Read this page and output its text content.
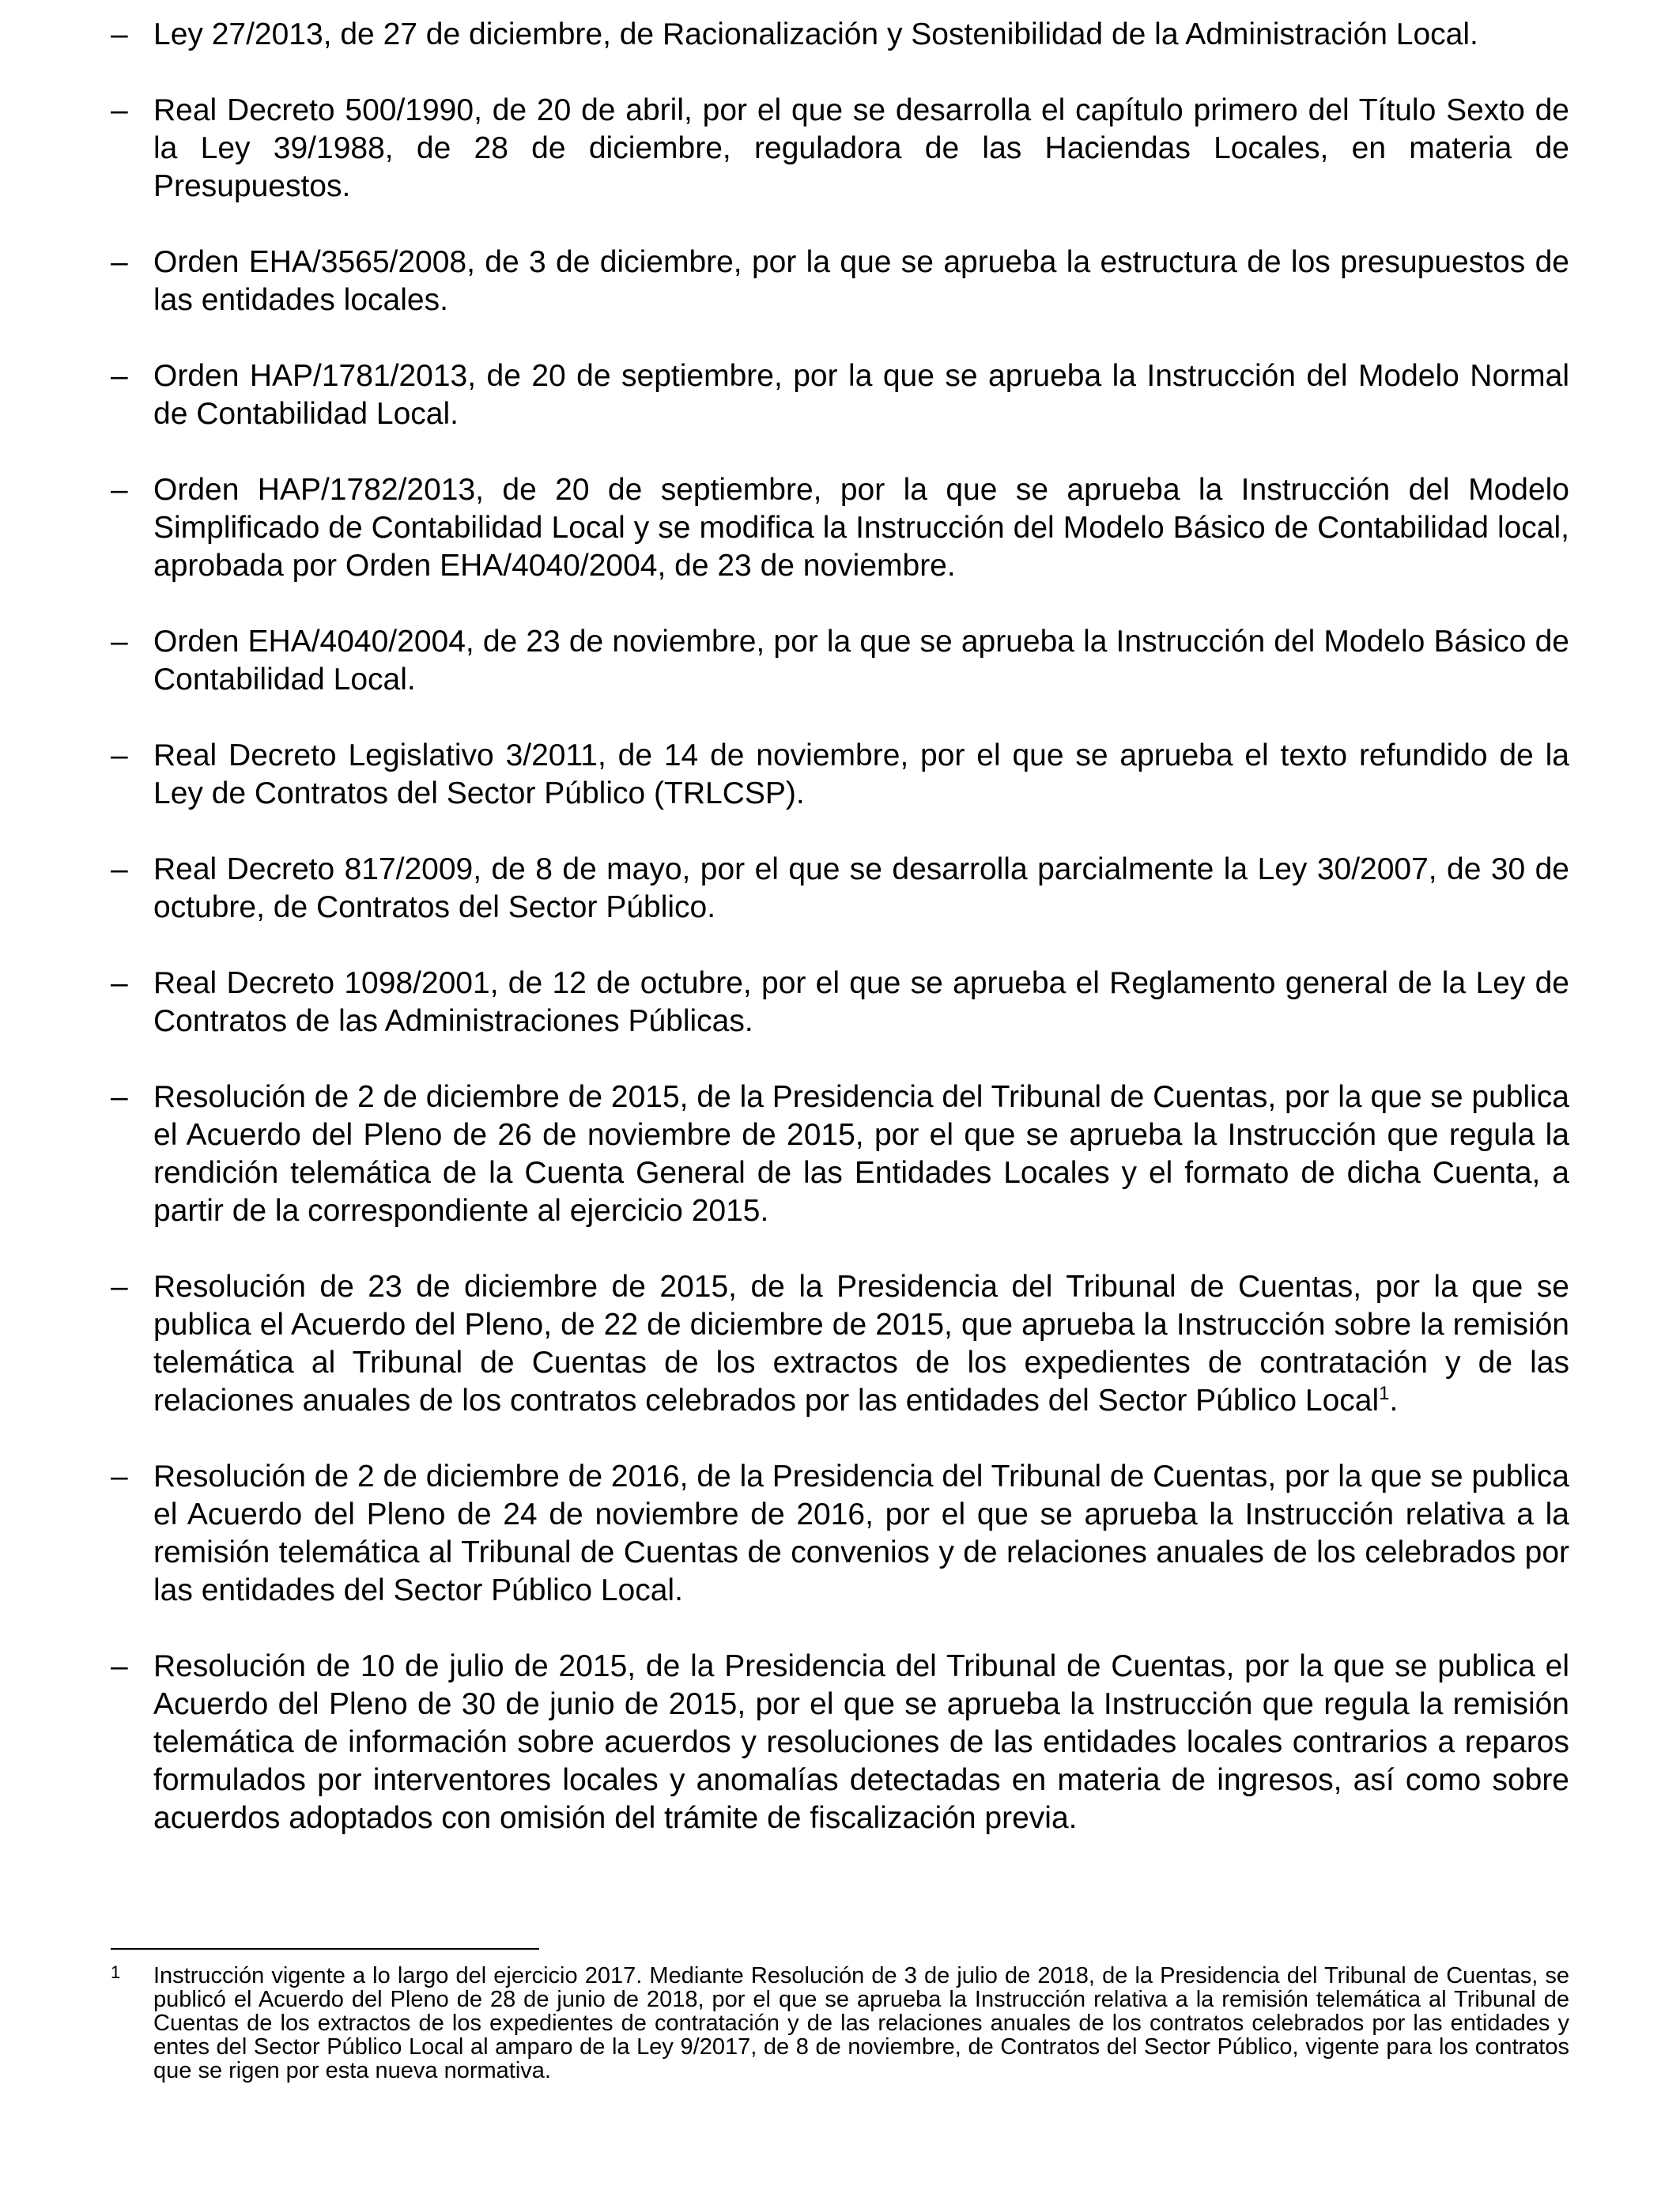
– Ley 27/2013, de 27 de diciembre, de Racionalización y Sostenibilidad de la Administración Local.
– Real Decreto 500/1990, de 20 de abril, por el que se desarrolla el capítulo primero del Título Sexto de la Ley 39/1988, de 28 de diciembre, reguladora de las Haciendas Locales, en materia de Presupuestos.
– Orden EHA/3565/2008, de 3 de diciembre, por la que se aprueba la estructura de los presupuestos de las entidades locales.
– Orden HAP/1781/2013, de 20 de septiembre, por la que se aprueba la Instrucción del Modelo Normal de Contabilidad Local.
– Orden HAP/1782/2013, de 20 de septiembre, por la que se aprueba la Instrucción del Modelo Simplificado de Contabilidad Local y se modifica la Instrucción del Modelo Básico de Contabilidad local, aprobada por Orden EHA/4040/2004, de 23 de noviembre.
– Orden EHA/4040/2004, de 23 de noviembre, por la que se aprueba la Instrucción del Modelo Básico de Contabilidad Local.
– Real Decreto Legislativo 3/2011, de 14 de noviembre, por el que se aprueba el texto refundido de la Ley de Contratos del Sector Público (TRLCSP).
– Real Decreto 817/2009, de 8 de mayo, por el que se desarrolla parcialmente la Ley 30/2007, de 30 de octubre, de Contratos del Sector Público.
– Real Decreto 1098/2001, de 12 de octubre, por el que se aprueba el Reglamento general de la Ley de Contratos de las Administraciones Públicas.
– Resolución de 2 de diciembre de 2015, de la Presidencia del Tribunal de Cuentas, por la que se publica el Acuerdo del Pleno de 26 de noviembre de 2015, por el que se aprueba la Instrucción que regula la rendición telemática de la Cuenta General de las Entidades Locales y el formato de dicha Cuenta, a partir de la correspondiente al ejercicio 2015.
– Resolución de 23 de diciembre de 2015, de la Presidencia del Tribunal de Cuentas, por la que se publica el Acuerdo del Pleno, de 22 de diciembre de 2015, que aprueba la Instrucción sobre la remisión telemática al Tribunal de Cuentas de los extractos de los expedientes de contratación y de las relaciones anuales de los contratos celebrados por las entidades del Sector Público Local$^1$.
– Resolución de 2 de diciembre de 2016, de la Presidencia del Tribunal de Cuentas, por la que se publica el Acuerdo del Pleno de 24 de noviembre de 2016, por el que se aprueba la Instrucción relativa a la remisión telemática al Tribunal de Cuentas de convenios y de relaciones anuales de los celebrados por las entidades del Sector Público Local.
– Resolución de 10 de julio de 2015, de la Presidencia del Tribunal de Cuentas, por la que se publica el Acuerdo del Pleno de 30 de junio de 2015, por el que se aprueba la Instrucción que regula la remisión telemática de información sobre acuerdos y resoluciones de las entidades locales contrarios a reparos formulados por interventores locales y anomalías detectadas en materia de ingresos, así como sobre acuerdos adoptados con omisión del trámite de fiscalización previa.
1	Instrucción vigente a lo largo del ejercicio 2017. Mediante Resolución de 3 de julio de 2018, de la Presidencia del Tribunal de Cuentas, se publicó el Acuerdo del Pleno de 28 de junio de 2018, por el que se aprueba la Instrucción relativa a la remisión telemática al Tribunal de Cuentas de los extractos de los expedientes de contratación y de las relaciones anuales de los contratos celebrados por las entidades y entes del Sector Público Local al amparo de la Ley 9/2017, de 8 de noviembre, de Contratos del Sector Público, vigente para los contratos que se rigen por esta nueva normativa.
